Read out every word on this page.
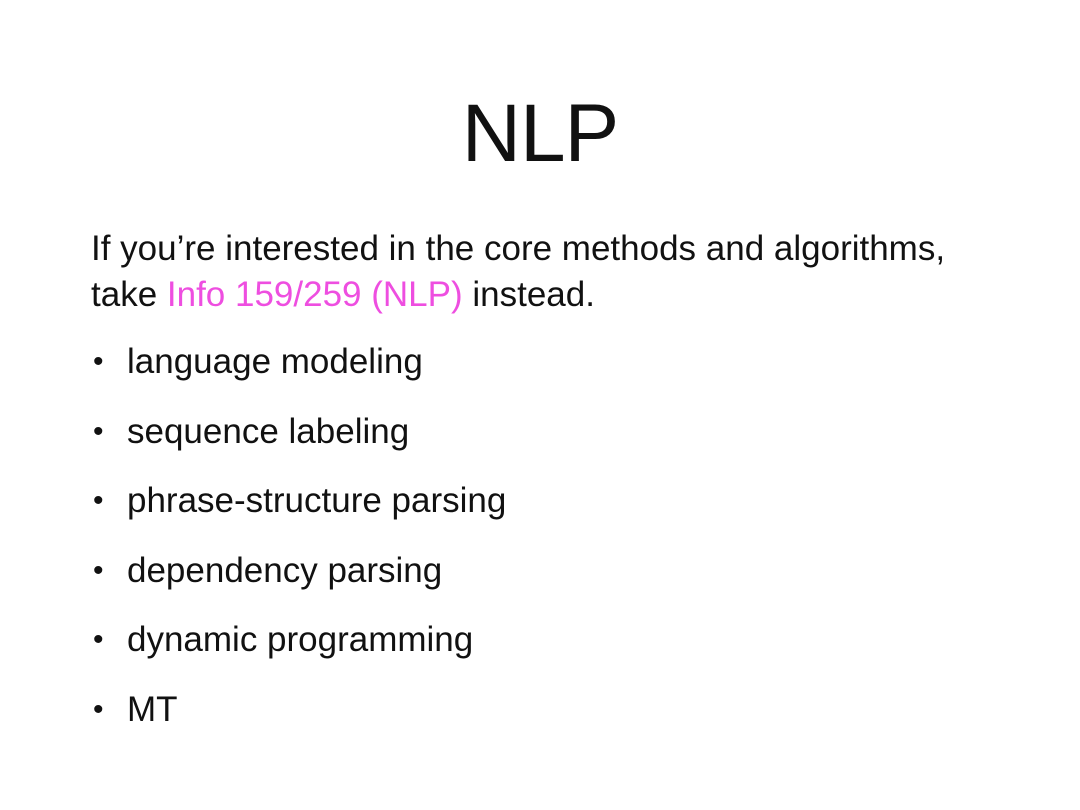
NLP

If you’re interested in the core methods and algorithms,
take Info 159/259 (NLP) instead.

• language modeling
• sequence labeling
• phrase-structure parsing
• dependency parsing
• dynamic programming
• MT
